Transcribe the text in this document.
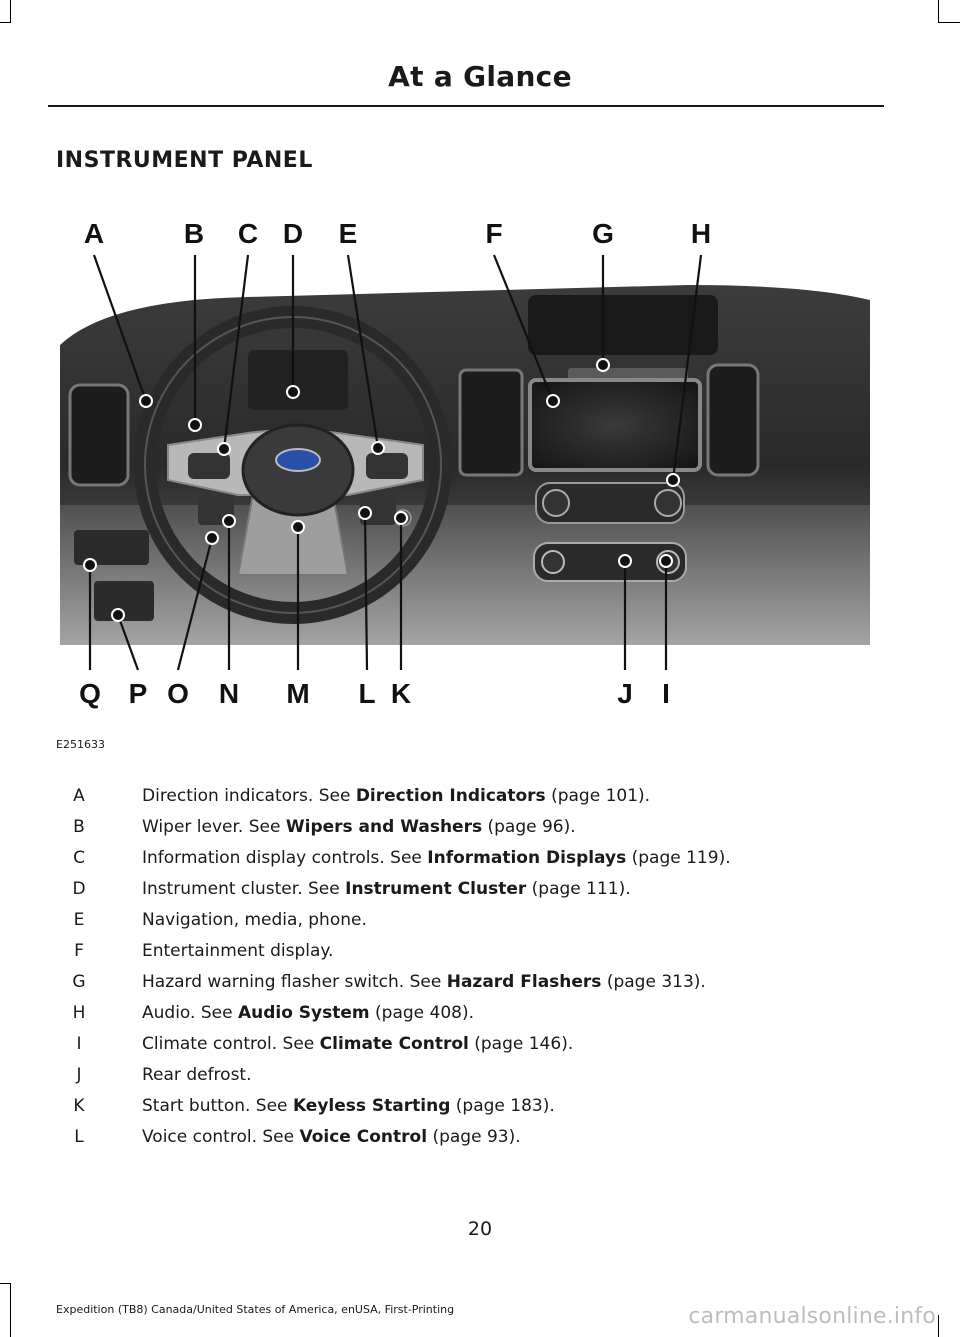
At a Glance
INSTRUMENT PANEL
A	B C D E	F	G	H
Q P O N M L K	J I
E251633
A	Direction indicators. See Direction Indicators (page 101).
B	Wiper lever. See Wipers and Washers (page 96).
C	Information display controls. See Information Displays (page 119).
D	Instrument cluster. See Instrument Cluster (page 111).
E	Navigation, media, phone.
F	Entertainment display.
G	Hazard warning flasher switch. See Hazard Flashers (page 313).
H	Audio. See Audio System (page 408).
I	Climate control. See Climate Control (page 146).
J	Rear defrost.
K	Start button. See Keyless Starting (page 183).
L	Voice control. See Voice Control (page 93).
20
Expedition (TB8) Canada/United States of America, enUSA, First-Printing	carmanualsonline.info
